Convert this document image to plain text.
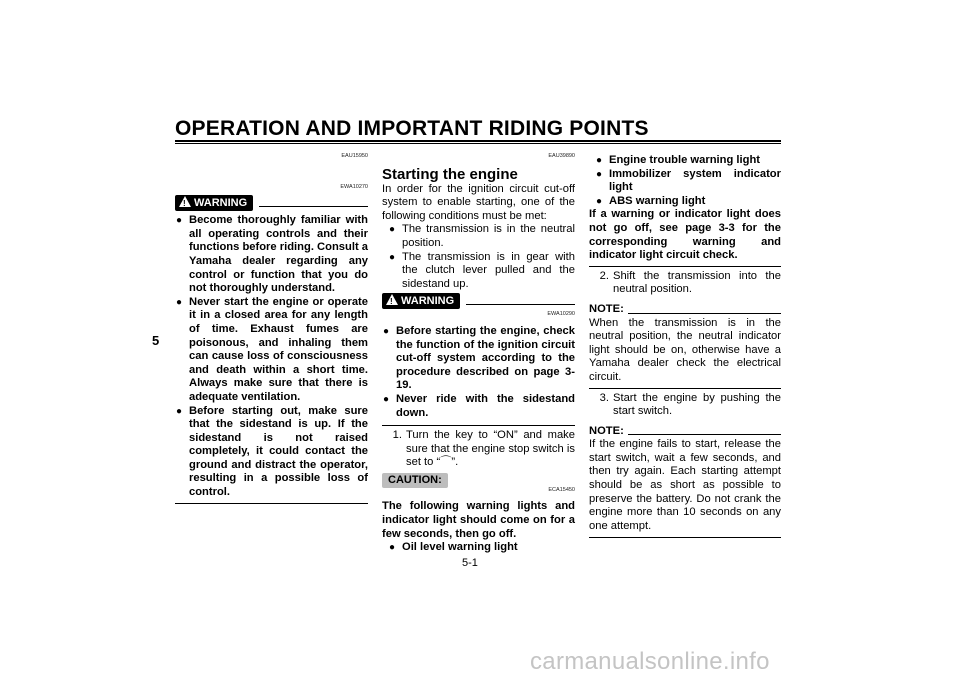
OPERATION AND IMPORTANT RIDING POINTS
5
EAU15950
EWA10270
!WARNING
● Become thoroughly familiar with all operating controls and their functions before riding. Consult a Yamaha dealer regarding any control or function that you do not thoroughly understand.
● Never start the engine or operate it in a closed area for any length of time. Exhaust fumes are poisonous, and inhaling them can cause loss of consciousness and death within a short time. Always make sure that there is adequate ventilation.
● Before starting out, make sure that the sidestand is up. If the sidestand is not raised completely, it could contact the ground and distract the operator, resulting in a possible loss of control.
EAU39890
Starting the engine
In order for the ignition circuit cut-off system to enable starting, one of the following conditions must be met:
● The transmission is in the neutral position.
● The transmission is in gear with the clutch lever pulled and the sidestand up.
!WARNING
EWA10290
● Before starting the engine, check the function of the ignition circuit cut-off system according to the procedure described on page 3-19.
● Never ride with the sidestand down.
1. Turn the key to “ON” and make sure that the engine stop switch is set to “⌒”.
CAUTION:
ECA15450
The following warning lights and indicator light should come on for a few seconds, then go off.
● Oil level warning light
● Engine trouble warning light
● Immobilizer system indicator light
● ABS warning light
If a warning or indicator light does not go off, see page 3-3 for the corresponding warning and indicator light circuit check.
2. Shift the transmission into the neutral position.
NOTE:
When the transmission is in the neutral position, the neutral indicator light should be on, otherwise have a Yamaha dealer check the electrical circuit.
3. Start the engine by pushing the start switch.
NOTE:
If the engine fails to start, release the start switch, wait a few seconds, and then try again. Each starting attempt should be as short as possible to preserve the battery. Do not crank the engine more than 10 seconds on any one attempt.
5-1
carmanualsonline.info
